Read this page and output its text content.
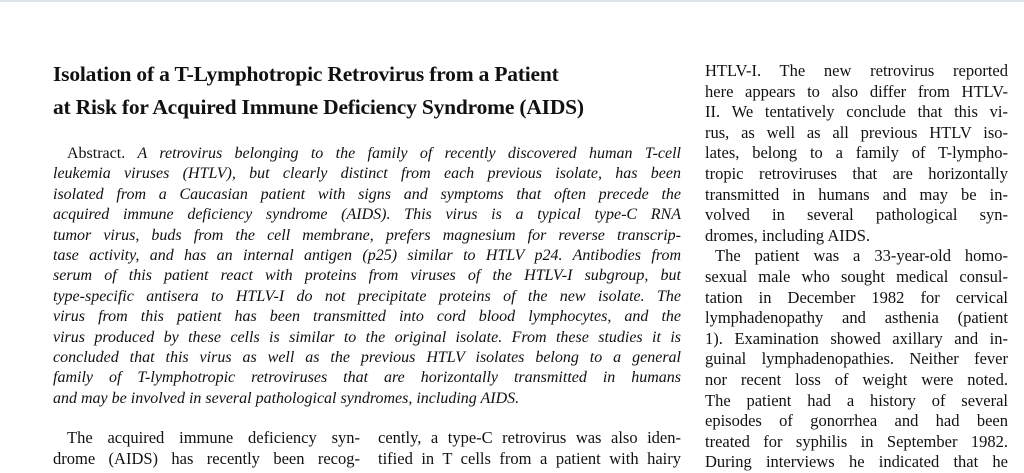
Isolation of a T-Lymphotropic Retrovirus from a Patient
at Risk for Acquired Immune Deficiency Syndrome (AIDS)
Abstract. A retrovirus belonging to the family of recently discovered human T-cell
leukemia viruses (HTLV), but clearly distinct from each previous isolate, has been
isolated from a Caucasian patient with signs and symptoms that often precede the
acquired immune deficiency syndrome (AIDS). This virus is a typical type-C RNA
tumor virus, buds from the cell membrane, prefers magnesium for reverse transcrip-
tase activity, and has an internal antigen (p25) similar to HTLV p24. Antibodies from
serum of this patient react with proteins from viruses of the HTLV-I subgroup, but
type-specific antisera to HTLV-I do not precipitate proteins of the new isolate. The
virus from this patient has been transmitted into cord blood lymphocytes, and the
virus produced by these cells is similar to the original isolate. From these studies it is
concluded that this virus as well as the previous HTLV isolates belong to a general
family of T-lymphotropic retroviruses that are horizontally transmitted in humans
and may be involved in several pathological syndromes, including AIDS.
The acquired immune deficiency syn-
drome (AIDS) has recently been recog-
cently, a type-C retrovirus was also iden-
tified in T cells from a patient with hairy
HTLV-I. The new retrovirus reported
here appears to also differ from HTLV-
II. We tentatively conclude that this vi-
rus, as well as all previous HTLV iso-
lates, belong to a family of T-lympho-
tropic retroviruses that are horizontally
transmitted in humans and may be in-
volved in several pathological syn-
dromes, including AIDS.
The patient was a 33-year-old homo-
sexual male who sought medical consul-
tation in December 1982 for cervical
lymphadenopathy and asthenia (patient
1). Examination showed axillary and in-
guinal lymphadenopathies. Neither fever
nor recent loss of weight were noted.
The patient had a history of several
episodes of gonorrhea and had been
treated for syphilis in September 1982.
During interviews he indicated that he
